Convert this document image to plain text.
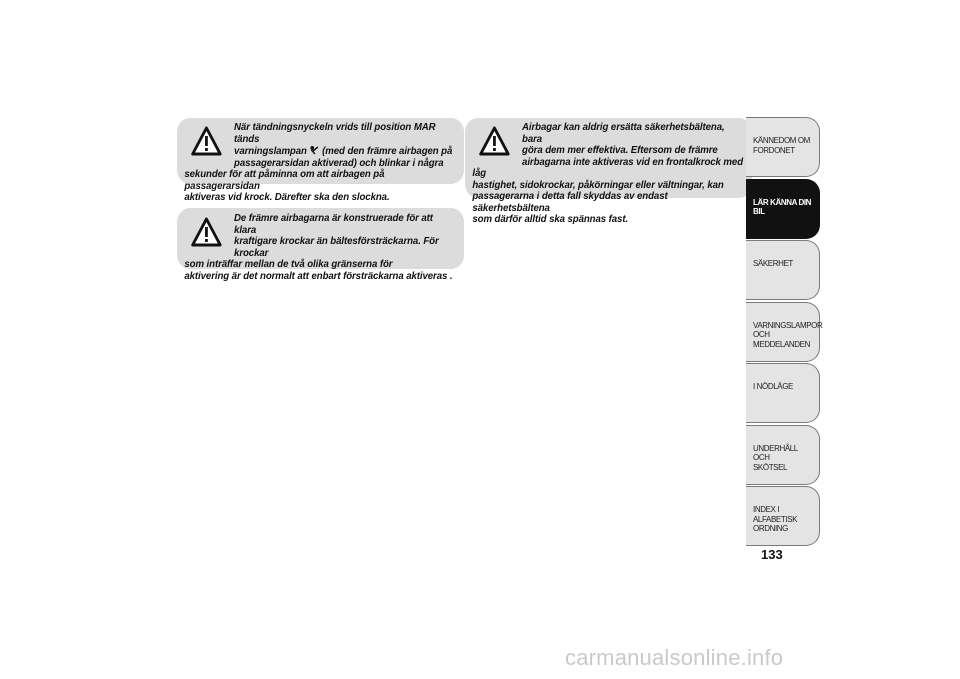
När tändningsnyckeln vrids till position MAR tänds

varningslampan  (med den främre airbagen på

passagerarsidan aktiverad) och blinkar i några

sekunder för att påminna om att airbagen på passagerarsidan

aktiveras vid krock. Därefter ska den slockna.

De främre airbagarna är konstruerade för att klara

kraftigare krockar än bältesförsträckarna. För krockar

som inträffar mellan de två olika gränserna för

aktivering är det normalt att enbart försträckarna aktiveras .

Airbagar kan aldrig ersätta säkerhetsbältena, bara

göra dem mer effektiva. Eftersom de främre

airbagarna inte aktiveras vid en frontalkrock med låg

hastighet, sidokrockar, påkörningar eller vältningar, kan

passagerarna i detta fall skyddas av endast säkerhetsbältena

som därför alltid ska spännas fast.

KÄNNEDOM OM
FORDONET
LÄR KÄNNA DIN
BIL
SÄKERHET
VARNINGSLAMPOR
OCH MEDDELANDEN
I NÖDLÄGE
UNDERHÅLL OCH
SKÖTSEL
INDEX I ALFABETISK
ORDNING
133
carmanualsonline.info
